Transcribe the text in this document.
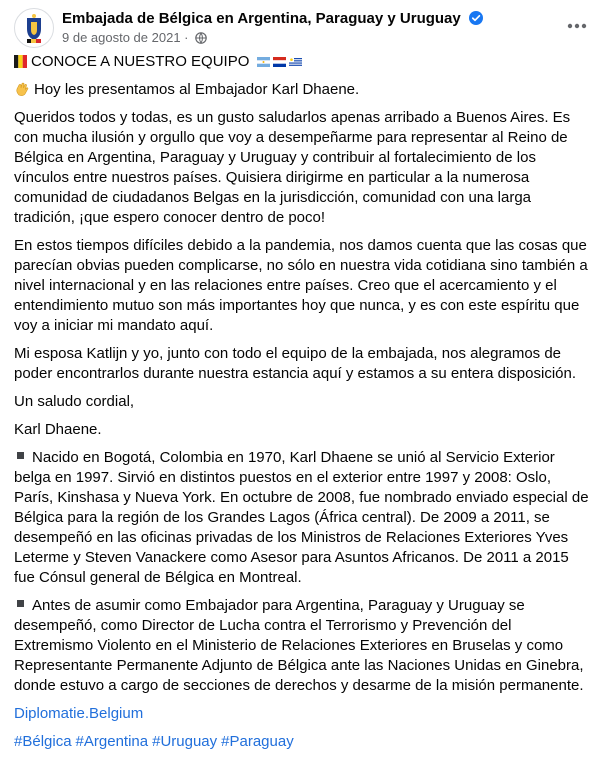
Embajada de Bélgica en Argentina, Paraguay y Uruguay
9 de agosto de 2021 ·

CONOCE A NUESTRO EQUIPO

Hoy les presentamos al Embajador Karl Dhaene.

Queridos todos y todas, es un gusto saludarlos apenas arribado a Buenos Aires. Es con mucha ilusión y orgullo que voy a desempeñarme para representar al Reino de Bélgica en Argentina, Paraguay y Uruguay y contribuir al fortalecimiento de los vínculos entre nuestros países. Quisiera dirigirme en particular a la numerosa comunidad de ciudadanos Belgas en la jurisdicción, comunidad con una larga tradición, ¡que espero conocer dentro de poco!

En estos tiempos difíciles debido a la pandemia, nos damos cuenta que las cosas que parecían obvias pueden complicarse, no sólo en nuestra vida cotidiana sino también a nivel internacional y en las relaciones entre países. Creo que el acercamiento y el entendimiento mutuo son más importantes hoy que nunca, y es con este espíritu que voy a iniciar mi mandato aquí.

Mi esposa Katlijn y yo, junto con todo el equipo de la embajada, nos alegramos de poder encontrarlos durante nuestra estancia aquí y estamos a su entera disposición.

Un saludo cordial,

Karl Dhaene.

Nacido en Bogotá, Colombia en 1970, Karl Dhaene se unió al Servicio Exterior belga en 1997. Sirvió en distintos puestos en el exterior entre 1997 y 2008: Oslo, París, Kinshasa y Nueva York. En octubre de 2008, fue nombrado enviado especial de Bélgica para la región de los Grandes Lagos (África central). De 2009 a 2011, se desempeñó en las oficinas privadas de los Ministros de Relaciones Exteriores Yves Leterme y Steven Vanackere como Asesor para Asuntos Africanos. De 2011 a 2015 fue Cónsul general de Bélgica en Montreal.

Antes de asumir como Embajador para Argentina, Paraguay y Uruguay se desempeñó, como Director de Lucha contra el Terrorismo y Prevención del Extremismo Violento en el Ministerio de Relaciones Exteriores en Bruselas y como Representante Permanente Adjunto de Bélgica ante las Naciones Unidas en Ginebra, donde estuvo a cargo de secciones de derechos y desarme de la misión permanente.

Diplomatie.Belgium

#Bélgica #Argentina #Uruguay #Paraguay
